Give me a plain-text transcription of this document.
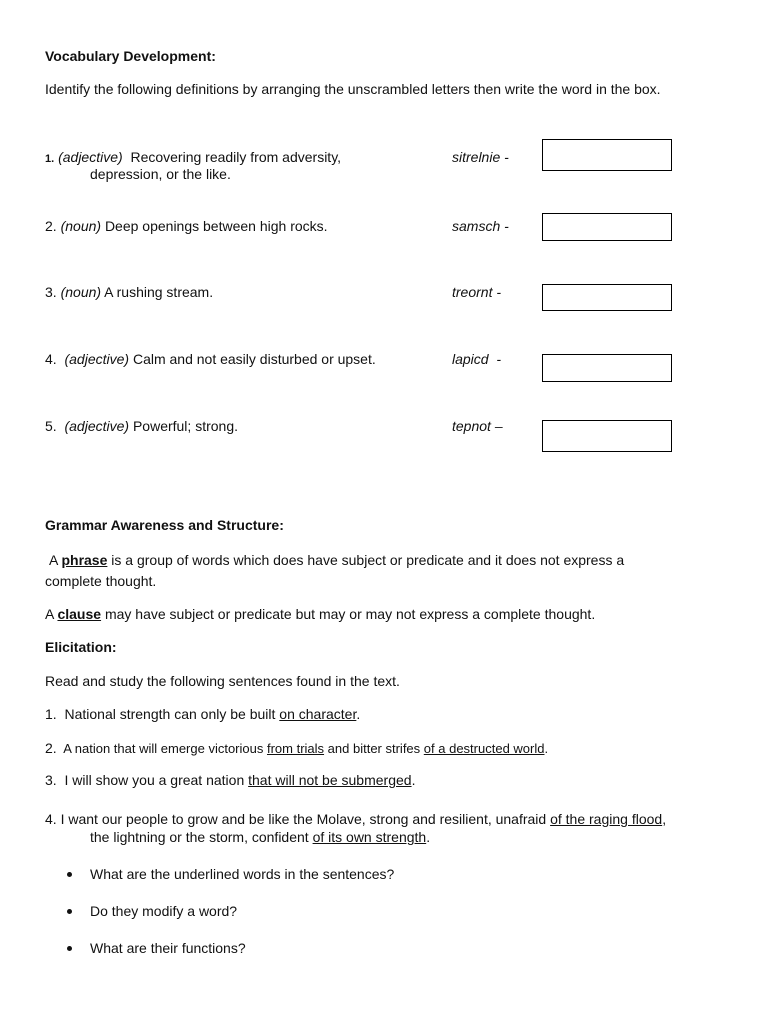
Vocabulary Development:
Identify the following definitions by arranging the unscrambled letters then write the word in the box.
1. (adjective) Recovering readily from adversity,
depression, or the like.
sitrelnie -
2. (noun) Deep openings between high rocks.	samsch -
3. (noun) A rushing stream.	treornt -
4. (adjective) Calm and not easily disturbed or upset.	lapicd  -
5. (adjective) Powerful; strong.	tepnot –
Grammar Awareness and Structure:
A phrase is a group of words which does have subject or predicate and it does not express a
complete thought.
A clause may have subject or predicate but may or may not express a complete thought.
Elicitation:
Read and study the following sentences found in the text.
1. National strength can only be built on character.
2. A nation that will emerge victorious from trials and bitter strifes of a destructed world.
3. I will show you a great nation that will not be submerged.
4. I want our people to grow and be like the Molave, strong and resilient, unafraid of the raging flood,
the lightning or the storm, confident of its own strength.
What are the underlined words in the sentences?
Do they modify a word?
What are their functions?
